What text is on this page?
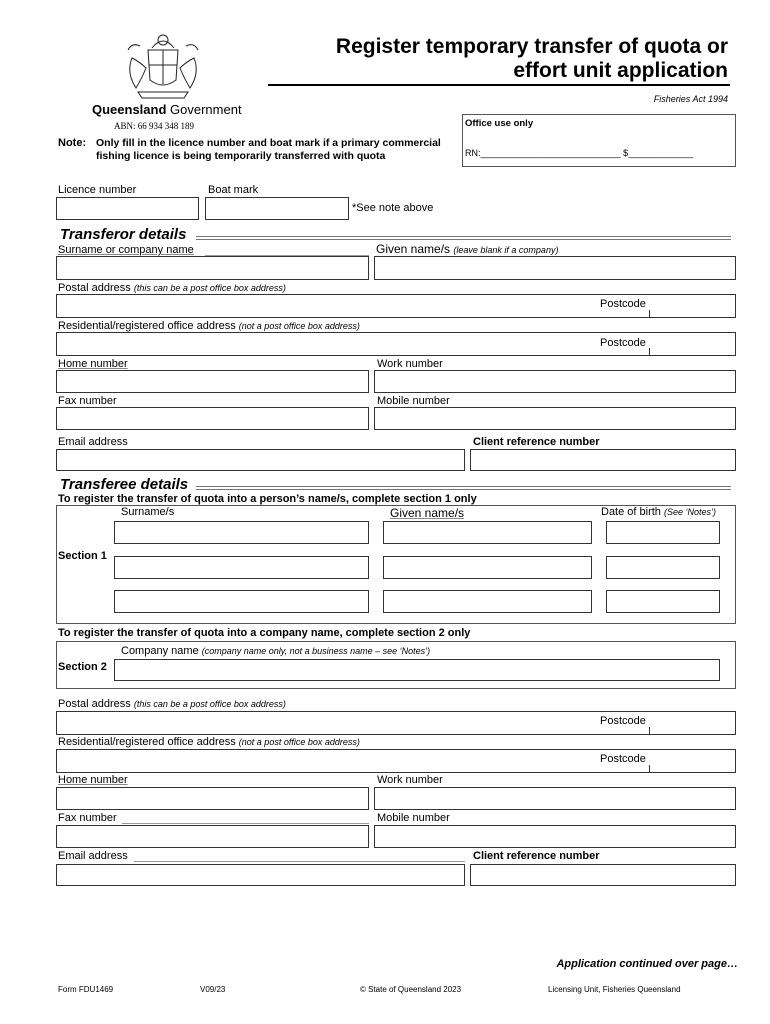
Queensland Government
ABN: 66 934 348 189
Register temporary transfer of quota or
effort unit application
Fisheries Act 1994
Note: Only fill in the licence number and boat mark if a primary commercial fishing licence is being temporarily transferred with quota
Office use only
RN:____________________________ $_____________
Licence number	Boat mark
*See note above
Transferor details
Surname or company name	Given name/s (leave blank if a company)
Postal address (this can be a post office box address)
Postcode
Residential/registered office address (not a post office box address)
Postcode
Home number	Work number
Fax number	Mobile number
Email address	Client reference number
Transferee details
To register the transfer of quota into a person’s name/s, complete section 1 only
Surname/s	Given name/s	Date of birth (See ‘Notes’)
Section 1
To register the transfer of quota into a company name, complete section 2 only
Company name (company name only, not a business name – see ‘Notes’)
Section 2
Postal address (this can be a post office box address)
Postcode
Residential/registered office address (not a post office box address)
Postcode
Home number	Work number
Fax number	Mobile number
Email address	Client reference number
Application continued over page…
Form FDU1469	V09/23	© State of Queensland 2023	Licensing Unit, Fisheries Queensland
